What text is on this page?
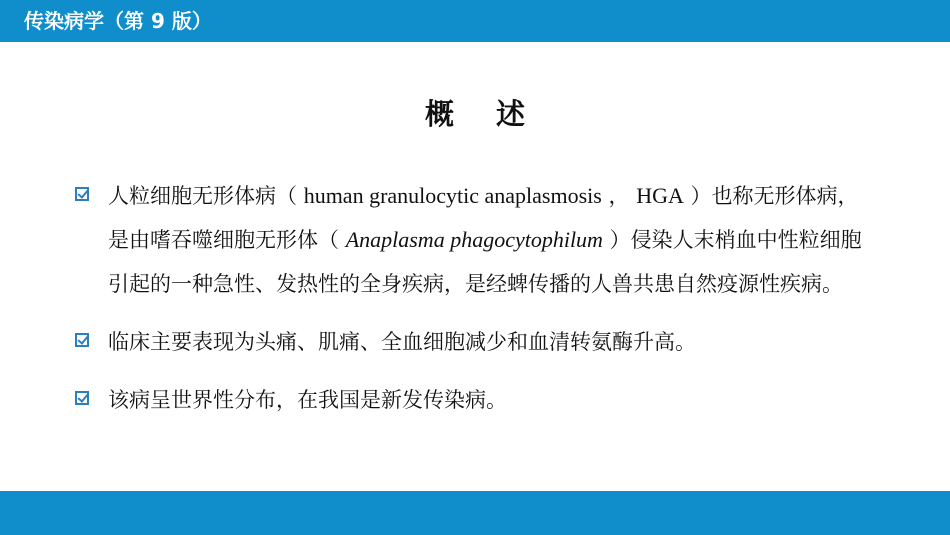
传染病学（第 9 版）
概 述
人粒细胞无形体病（ human granulocytic anaplasmosis ， HGA ）也称无形体病，是由嗜吞噬细胞无形体（ Anaplasma phagocytophilum ）侵染人末梢血中性粒细胞引起的一种急性、发热性的全身疾病，是经蜱传播的人兽共患自然疫源性疾病。
临床主要表现为头痛、肌痛、全血细胞减少和血清转氨酶升高。
该病呈世界性分布，在我国是新发传染病。
